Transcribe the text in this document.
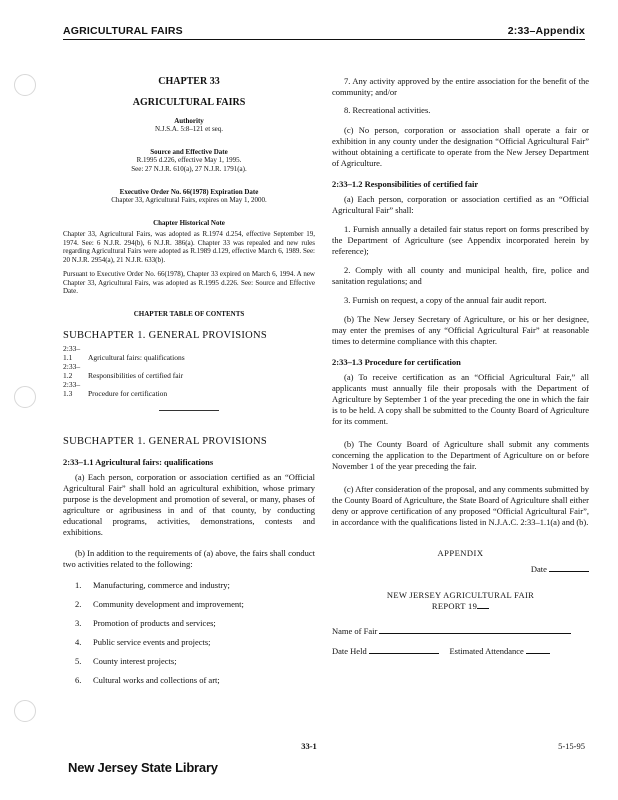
AGRICULTURAL FAIRS	2:33–Appendix
CHAPTER 33
AGRICULTURAL FAIRS
Authority
N.J.S.A. 5:8–121 et seq.
Source and Effective Date
R.1995 d.226, effective May 1, 1995.
See: 27 N.J.R. 610(a), 27 N.J.R. 1791(a).
Executive Order No. 66(1978) Expiration Date
Chapter 33, Agricultural Fairs, expires on May 1, 2000.
Chapter Historical Note
Chapter 33, Agricultural Fairs, was adopted as R.1974 d.254, effective September 19, 1974. See: 6 N.J.R. 294(b), 6 N.J.R. 386(a). Chapter 33 was repealed and new rules regarding Agricultural Fairs were adopted as R.1989 d.129, effective March 6, 1989. See: 20 N.J.R. 2954(a), 21 N.J.R. 633(b).
Pursuant to Executive Order No. 66(1978), Chapter 33 expired on March 6, 1994. A new Chapter 33, Agricultural Fairs, was adopted as R.1995 d.226. See: Source and Effective Date.
CHAPTER TABLE OF CONTENTS
SUBCHAPTER 1. GENERAL PROVISIONS
2:33–1.1 Agricultural fairs: qualifications
2:33–1.2 Responsibilities of certified fair
2:33–1.3 Procedure for certification
SUBCHAPTER 1. GENERAL PROVISIONS
2:33–1.1 Agricultural fairs: qualifications

(a) Each person, corporation or association certified as an “Official Agricultural Fair” shall hold an agricultural exhibition, whose primary purpose is the development and promotion of several, or many, phases of agriculture or agribusiness in and of that county, by conducting educational programs, activities, demonstrations, contests and exhibitions.

(b) In addition to the requirements of (a) above, the fairs shall conduct two activities related to the following:

1. Manufacturing, commerce and industry;
2. Community development and improvement;
3. Promotion of products and services;
4. Public service events and projects;
5. County interest projects;
6. Cultural works and collections of art;

7. Any activity approved by the entire association for the benefit of the community; and/or

8. Recreational activities.

(c) No person, corporation or association shall operate a fair or exhibition in any county under the designation “Official Agricultural Fair” without obtaining a certificate to operate from the New Jersey Department of Agriculture.

2:33–1.2 Responsibilities of certified fair

(a) Each person, corporation or association certified as an “Official Agricultural Fair” shall:

1. Furnish annually a detailed fair status report on forms prescribed by the Department of Agriculture (see Appendix incorporated herein by reference);

2. Comply with all county and municipal health, fire, police and sanitation regulations; and

3. Furnish on request, a copy of the annual fair audit report.

(b) The New Jersey Secretary of Agriculture, or his or her designee, may enter the premises of any “Official Agricultural Fair” at reasonable times to determine compliance with this chapter.

2:33–1.3 Procedure for certification

(a) To receive certification as an “Official Agricultural Fair,” all applicants must annually file their proposals with the Department of Agriculture by September 1 of the year preceding the one in which the fair is to be held. A copy shall be submitted to the County Board of Agriculture for its comment.

(b) The County Board of Agriculture shall submit any comments concerning the application to the Department of Agriculture on or before November 1 of the year preceding the fair.

(c) After consideration of the proposal, and any comments submitted by the County Board of Agriculture, the State Board of Agriculture shall either deny or approve certification of any proposed “Official Agricultural Fair”, in accordance with the qualifications listed in N.J.A.C. 2:33–1.1(a) and (b).

APPENDIX
Date
NEW JERSEY AGRICULTURAL FAIR
REPORT 19
Name of Fair
Date Held	Estimated Attendance
33-1	5-15-95
New Jersey State Library
